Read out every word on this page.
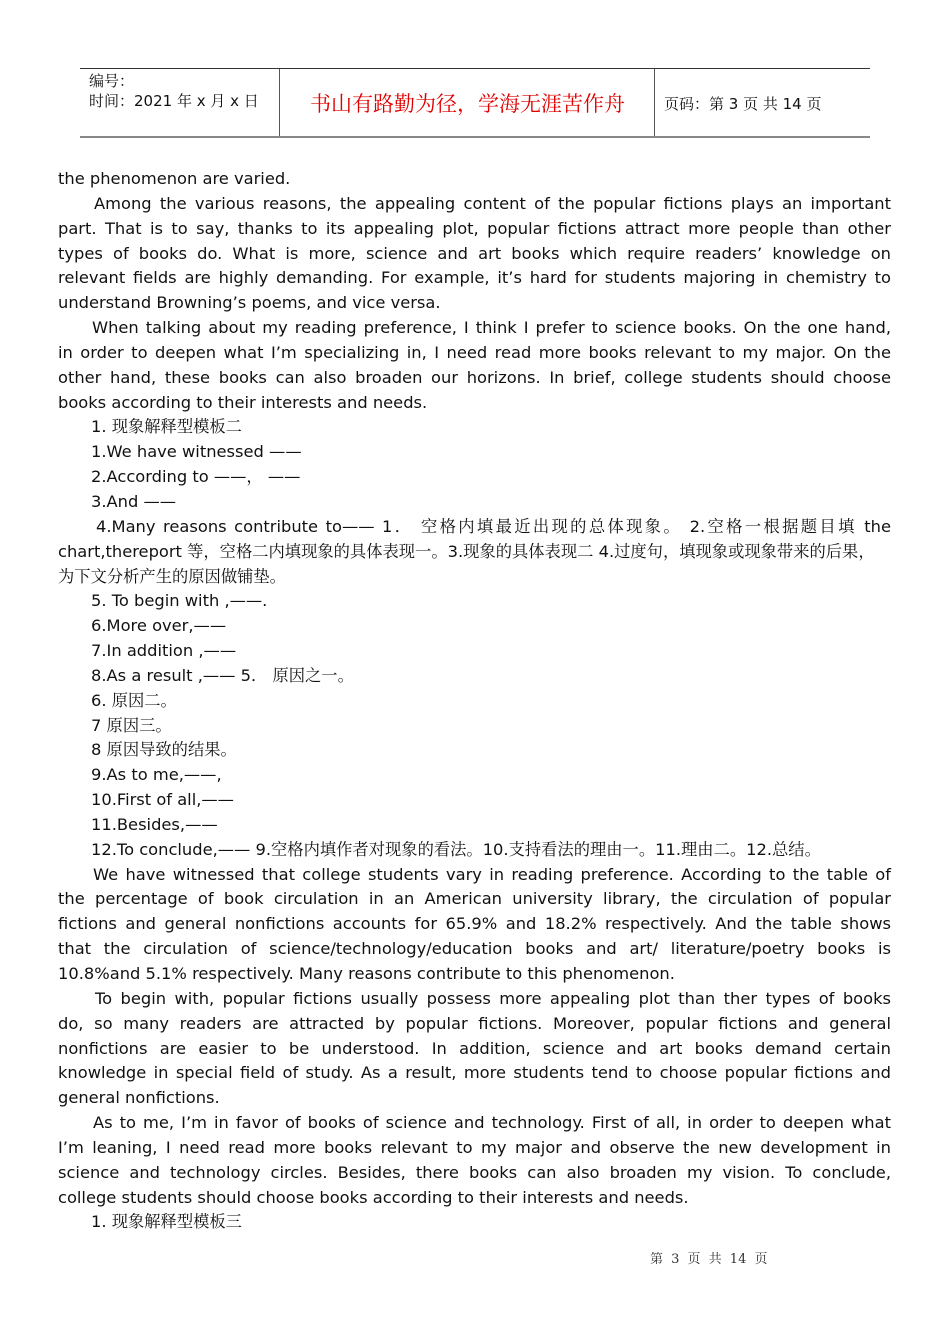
编号：
时间：2021 年 x 月 x 日	书山有路勤为径，学海无涯苦作舟	页码：第 3 页 共 14 页
the phenomenon are varied.
Among the various reasons, the appealing content of the popular fictions plays an important
part. That is to say, thanks to its appealing plot, popular fictions attract more people than other
types of books do. What is more, science and art books which require readers’ knowledge on
relevant fields are highly demanding. For example, it’s hard for students majoring in chemistry to
understand Browning’s poems, and vice versa.
When talking about my reading preference, I think I prefer to science books. On the one hand,
in order to deepen what I’m specializing in, I need read more books relevant to my major. On the
other hand, these books can also broaden our horizons. In brief, college students should choose
books according to their interests and needs.
1. 现象解释型模板二
1.We have witnessed ——
2.According to ——， ——
3.And ——
4.Many reasons contribute to—— 1． 空格内填最近出现的总体现象。 2.空格一根据题目填 the
chart,thereport 等，空格二内填现象的具体表现一。3.现象的具体表现二 4.过度句，填现象或现象带来的后果，
为下文分析产生的原因做铺垫。
5. To begin with ,——.
6.More over,——
7.In addition ,——
8.As a result ,—— 5． 原因之一。
6. 原因二。
7 原因三。
8 原因导致的结果。
9.As to me,——,
10.First of all,——
11.Besides,——
12.To conclude,—— 9.空格内填作者对现象的看法。10.支持看法的理由一。11.理由二。12.总结。
We have witnessed that college students vary in reading preference. According to the table of
the percentage of book circulation in an American university library, the circulation of popular
fictions and general nonfictions accounts for 65.9% and 18.2% respectively. And the table shows
that the circulation of science/technology/education books and art/ literature/poetry books is
10.8%and 5.1% respectively. Many reasons contribute to this phenomenon.
To begin with, popular fictions usually possess more appealing plot than ther types of books
do, so many readers are attracted by popular fictions. Moreover, popular fictions and general
nonfictions are easier to be understood. In addition, science and art books demand certain
knowledge in special field of study. As a result, more students tend to choose popular fictions and
general nonfictions.
As to me, I’m in favor of books of science and technology. First of all, in order to deepen what
I’m leaning, I need read more books relevant to my major and observe the new development in
science and technology circles. Besides, there books can also broaden my vision. To conclude,
college students should choose books according to their interests and needs.
1. 现象解释型模板三
第 3 页 共 14 页
